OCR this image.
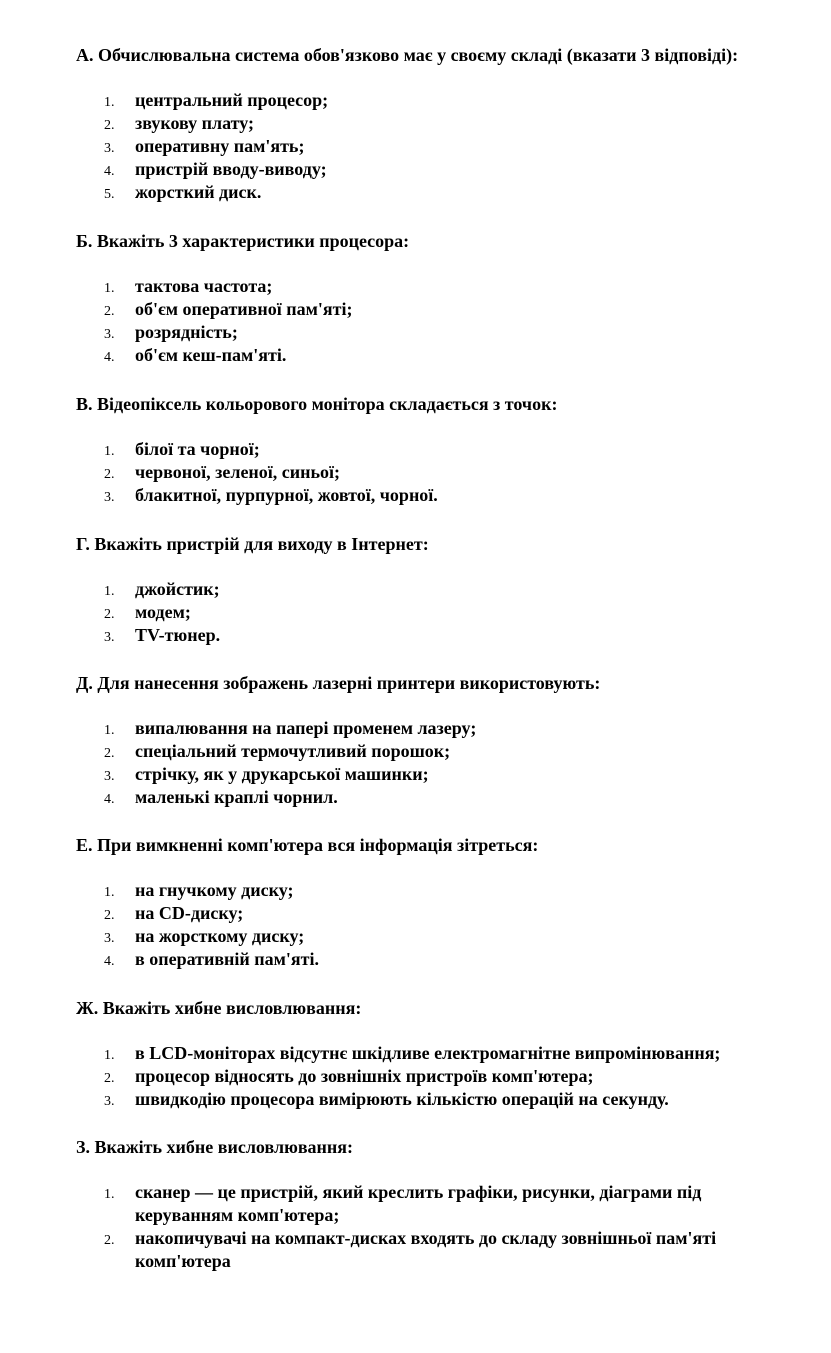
А. Обчислювальна система обов'язково має у своєму складі (вказати 3 відповіді):

1. центральний процесор;
2. звукову плату;
3. оперативну пам'ять;
4. пристрій вводу-виводу;
5. жорсткий диск.

Б. Вкажіть 3 характеристики процесора:

1. тактова частота;
2. об'єм оперативної пам'яті;
3. розрядність;
4. об'єм кеш-пам'яті.

В. Відеопіксель кольорового монітора складається з точок:

1. білої та чорної;
2. червоної, зеленої, синьої;
3. блакитної, пурпурної, жовтої, чорної.

Г. Вкажіть пристрій для виходу в Інтернет:

1. джойстик;
2. модем;
3. TV-тюнер.

Д. Для нанесення зображень лазерні принтери використовують:

1. випалювання на папері променем лазеру;
2. спеціальний термочутливий порошок;
3. стрічку, як у друкарської машинки;
4. маленькі краплі чорнил.

Е. При вимкненні комп'ютера вся інформація зітреться:

1. на гнучкому диску;
2. на CD-диску;
3. на жорсткому диску;
4. в оперативній пам'яті.

Ж. Вкажіть хибне висловлювання:

1. в LCD-моніторах відсутнє шкідливе електромагнітне випромінювання;
2. процесор відносять до зовнішніх пристроїв комп'ютера;
3. швидкодію процесора вимірюють кількістю операцій на секунду.

З. Вкажіть хибне висловлювання:

1. сканер — це пристрій, який креслить графіки, рисунки, діаграми під керуванням комп'ютера;
2. накопичувачі на компакт-дисках входять до складу зовнішньої пам'яті комп'ютера
